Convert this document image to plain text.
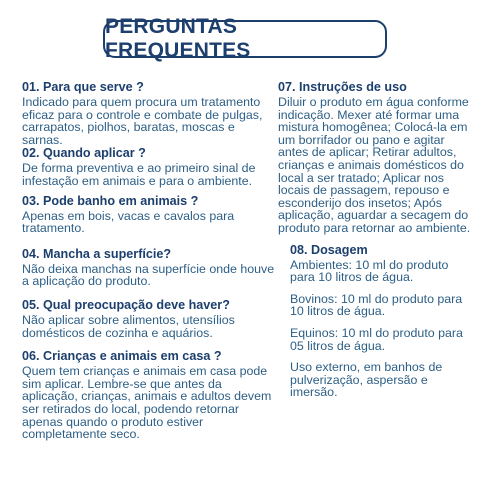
PERGUNTAS FREQUENTES

01. Para que serve ?

Indicado para quem procura um tratamento eficaz para o controle e combate de pulgas, carrapatos, piolhos, baratas, moscas e sarnas.

02. Quando aplicar ?

De forma preventiva e ao primeiro sinal de infestação em animais e para o ambiente.

03. Pode banho em animais ?

Apenas em bois, vacas e cavalos para tratamento.

04. Mancha a superfície?

Não deixa manchas na superfície onde houve a aplicação do produto.

05. Qual preocupação deve haver?

Não aplicar sobre alimentos, utensílios domésticos de cozinha e aquários.

06. Crianças e animais em casa ?

Quem tem crianças e animais em casa pode sim aplicar. Lembre-se que antes da aplicação, crianças, animais e adultos devem ser retirados do local, podendo retornar apenas quando o produto estiver completamente seco.

07. Instruções de uso

Diluir o produto em água conforme indicação. Mexer até formar uma mistura homogênea; Colocá-la em um borrifador ou pano e agitar antes de aplicar; Retirar adultos, crianças e animais domésticos do local a ser tratado; Aplicar nos locais de passagem, repouso e esconderijo dos insetos; Após aplicação, aguardar a secagem do produto para retornar ao ambiente.

08. Dosagem

Ambientes: 10 ml do produto para 10 litros de água.

Bovinos: 10 ml do produto para 10 litros de água.

Equinos: 10 ml do produto para 05 litros de água.

Uso externo, em banhos de pulverização, aspersão e imersão.
